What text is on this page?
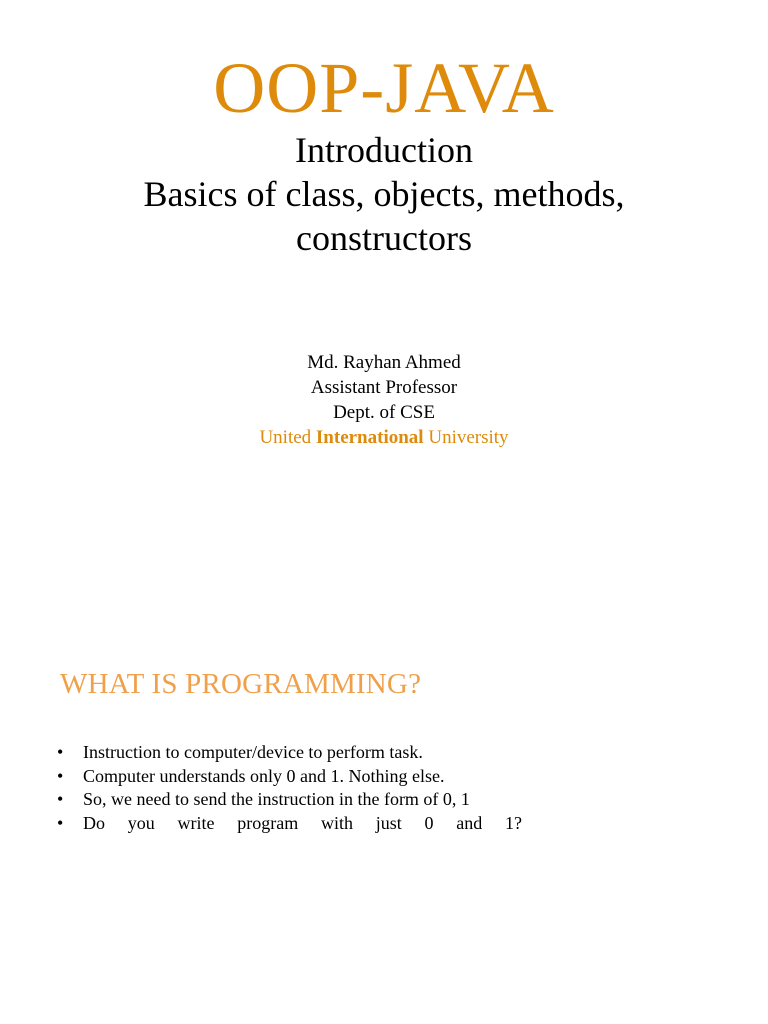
OOP-JAVA
Introduction
Basics of class, objects, methods,
constructors
Md. Rayhan Ahmed
Assistant Professor
Dept. of CSE
United International University
WHAT IS PROGRAMMING?
• Instruction to computer/device to perform task.
• Computer understands only 0 and 1. Nothing else.
• So, we need to send the instruction in the form of 0, 1
• Do you write program with just 0 and 1?
